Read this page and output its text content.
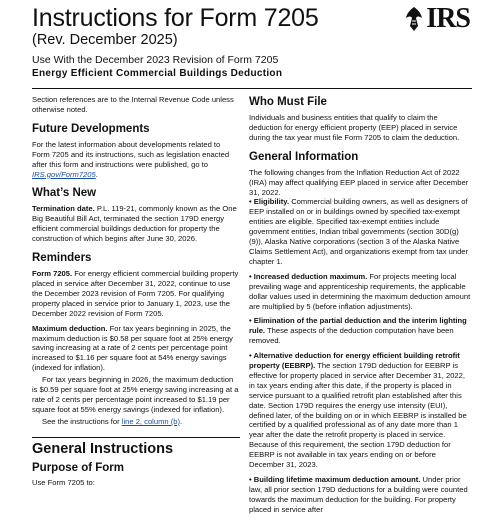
Instructions for Form 7205
(Rev. December 2025)
Use With the December 2023 Revision of Form 7205
Energy Efficient Commercial Buildings Deduction
IRS

Section references are to the Internal Revenue Code unless otherwise noted.

Future Developments

For the latest information about developments related to Form 7205 and its instructions, such as legislation enacted after this form and instructions were published, go to IRS.gov/Form7205.

What’s New

Termination date. P.L. 119-21, commonly known as the One Big Beautiful Bill Act, terminated the section 179D energy efficient commercial buildings deduction for property the construction of which begins after June 30, 2026.

Reminders

Form 7205. For energy efficient commercial building property placed in service after December 31, 2022, continue to use the December 2023 revision of Form 7205. For qualifying property placed in service prior to January 1, 2023, use the December 2022 revision of Form 7205.

Maximum deduction. For tax years beginning in 2025, the maximum deduction is $0.58 per square foot at 25% energy saving increasing at a rate of 2 cents per percentage point increased to $1.16 per square foot at 54% energy savings (indexed for inflation).

For tax years beginning in 2026, the maximum deduction is $0.59 per square foot at 25% energy saving increasing at a rate of 2 cents per percentage point increased to $1.19 per square foot at 55% energy savings (indexed for inflation).

See the instructions for line 2, column (b).

General Instructions
Purpose of Form

Use Form 7205 to:

Who Must File

Individuals and business entities that qualify to claim the deduction for energy efficient property (EEP) placed in service during the tax year must file Form 7205 to claim the deduction.

General Information

The following changes from the Inflation Reduction Act of 2022 (IRA) may affect qualifying EEP placed in service after December 31, 2022.

• Eligibility. Commercial building owners, as well as designers of EEP installed on or in buildings owned by specified tax-exempt entities are eligible. Specified tax-exempt entities include government entities, Indian tribal governments (section 30D(g)(9)), Alaska Native corporations (section 3 of the Alaska Native Claims Settlement Act), and organizations exempt from tax under chapter 1.

• Increased deduction maximum. For projects meeting local prevailing wage and apprenticeship requirements, the applicable dollar values used in determining the maximum deduction amount are multiplied by 5 (before inflation adjustments).

• Elimination of the partial deduction and the interim lighting rule. These aspects of the deduction computation have been removed.

• Alternative deduction for energy efficient building retrofit property (EEBRP). The section 179D deduction for EEBRP is effective for property placed in service after December 31, 2022, in tax years ending after this date, if the property is placed in service pursuant to a qualified retrofit plan established after this date. Section 179D requires the energy use intensity (EUI), defined later, of the building on or in which EEBRP is installed be certified by a qualified professional as of any date more than 1 year after the date the retrofit property is placed in service. Because of this requirement, the section 179D deduction for EEBRP is not available in tax years ending on or before December 31, 2023.

• Building lifetime maximum deduction amount. Under prior law, all prior section 179D deductions for a building were counted towards the maximum deduction for the building. For property placed in service after
